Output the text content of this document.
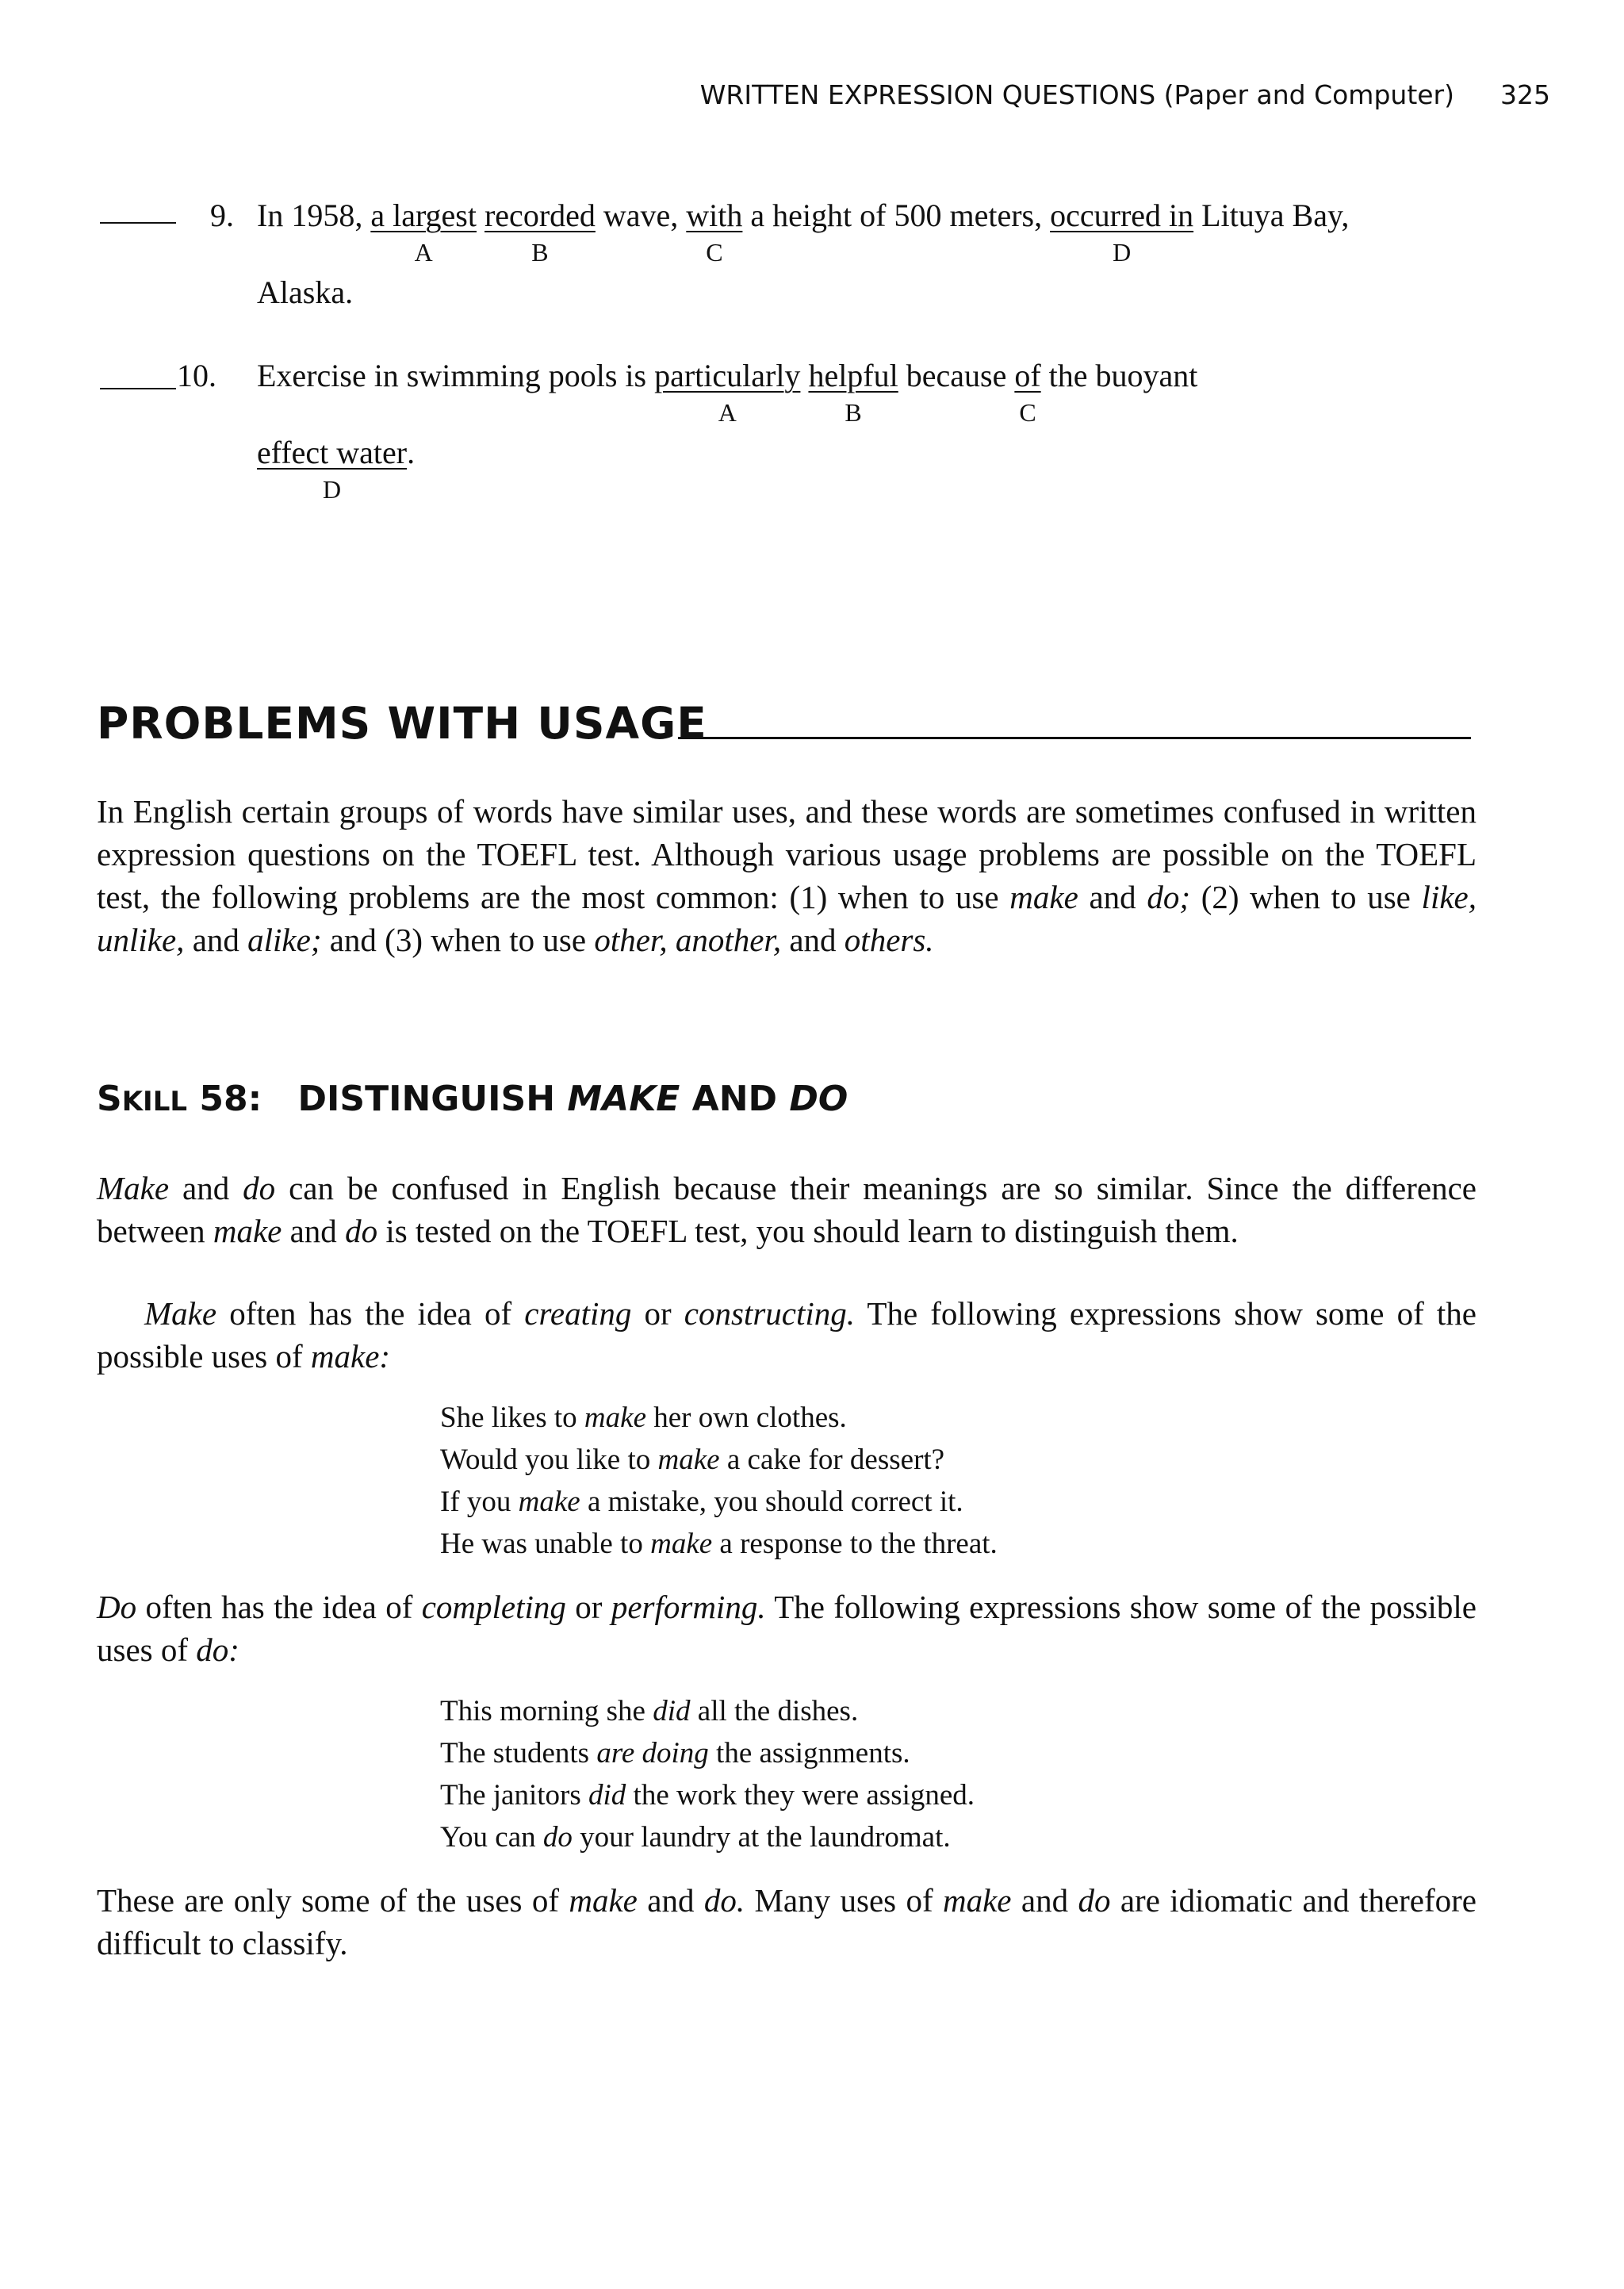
WRITTEN EXPRESSION QUESTIONS (Paper and Computer) 325
9. In 1958, a largest
A
recorded
B
wave, with
C
a height of 500 meters, occurred in
D
Lituya Bay,
Alaska.
10. Exercise in swimming pools is particularly
A
helpful
B
because of
C
the buoyant
effect water
D
.
PROBLEMS WITH USAGE

In English certain groups of words have similar uses, and these words are sometimes confused in written expression questions on the TOEFL test. Although various usage problems are possible on the TOEFL test, the following problems are the most common: (1) when to use make and do; (2) when to use like, unlike, and alike; and (3) when to use other, another, and others.

SKILL 58: DISTINGUISH MAKE AND DO

Make and do can be confused in English because their meanings are so similar. Since the difference between make and do is tested on the TOEFL test, you should learn to distinguish them.

Make often has the idea of creating or constructing. The following expressions show some of the possible uses of make:

She likes to make her own clothes.
Would you like to make a cake for dessert?
If you make a mistake, you should correct it.
He was unable to make a response to the threat.

Do often has the idea of completing or performing. The following expressions show some of the possible uses of do:

This morning she did all the dishes.
The students are doing the assignments.
The janitors did the work they were assigned.
You can do your laundry at the laundromat.

These are only some of the uses of make and do. Many uses of make and do are idiomatic and therefore difficult to classify.
